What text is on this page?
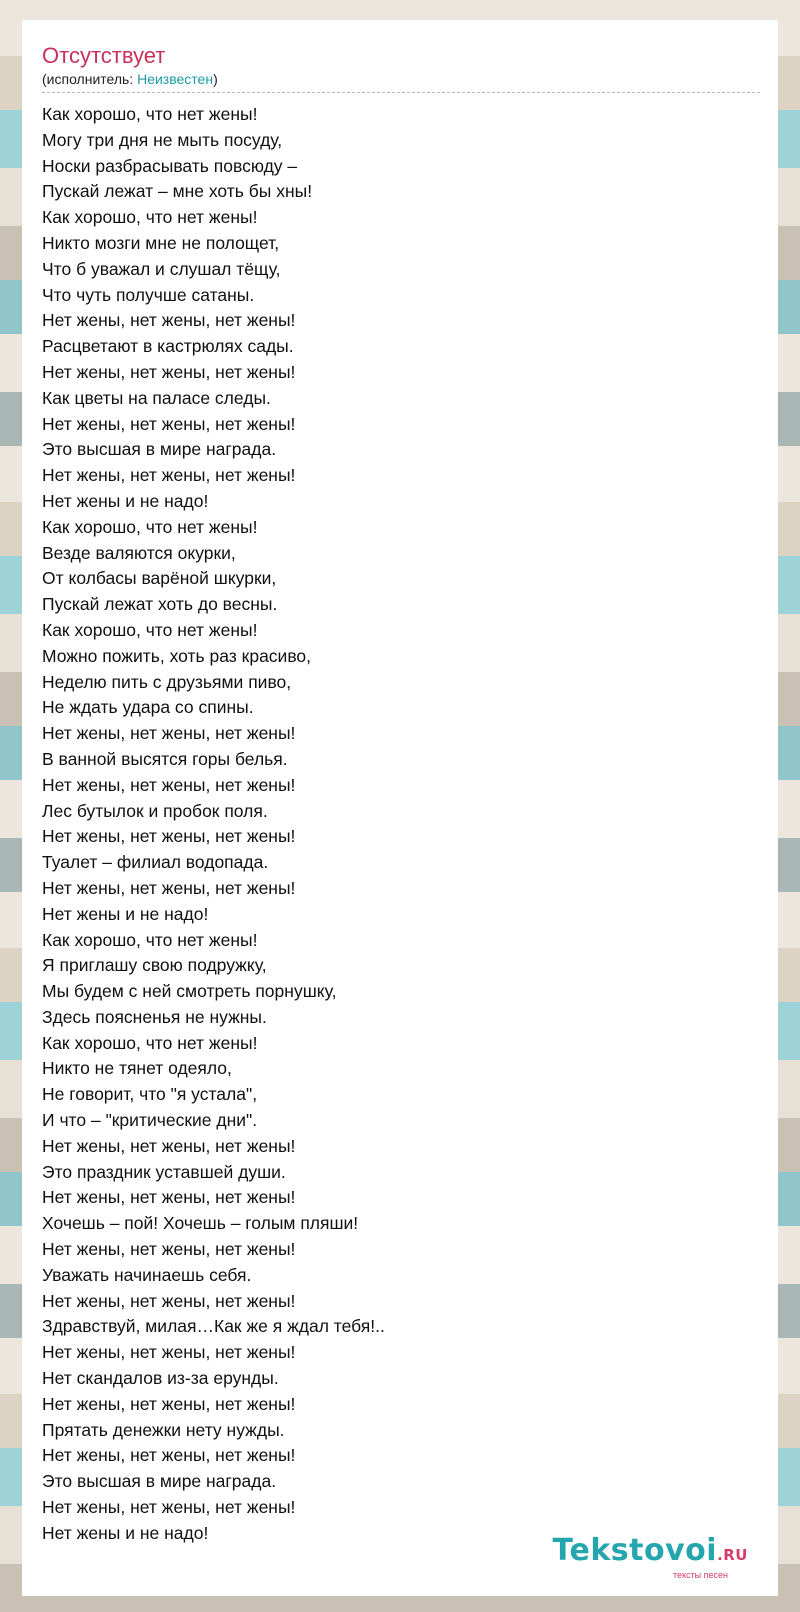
Отсутствует
(исполнитель: Неизвестен)
Как хорошо, что нет жены!
Могу три дня не мыть посуду,
Носки разбрасывать повсюду –
Пускай лежат – мне хоть бы хны!
Как хорошо, что нет жены!
Никто мозги мне не полощет,
Что б уважал и слушал тёщу,
Что чуть получше сатаны.
Нет жены, нет жены, нет жены!
Расцветают в кастрюлях сады.
Нет жены, нет жены, нет жены!
Как цветы на паласе следы.
Нет жены, нет жены, нет жены!
Это высшая в мире награда.
Нет жены, нет жены, нет жены!
Нет жены и не надо!
Как хорошо, что нет жены!
Везде валяются окурки,
От колбасы варёной шкурки,
Пускай лежат хоть до весны.
Как хорошо, что нет жены!
Можно пожить, хоть раз красиво,
Неделю пить с друзьями пиво,
Не ждать удара со спины.
Нет жены, нет жены, нет жены!
В ванной высятся горы белья.
Нет жены, нет жены, нет жены!
Лес бутылок и пробок поля.
Нет жены, нет жены, нет жены!
Туалет – филиал водопада.
Нет жены, нет жены, нет жены!
Нет жены и не надо!
Как хорошо, что нет жены!
Я приглашу свою подружку,
Мы будем с ней смотреть порнушку,
Здесь поясненья не нужны.
Как хорошо, что нет жены!
Никто не тянет одеяло,
Не говорит, что "я устала",
И что – "критические дни".
Нет жены, нет жены, нет жены!
Это праздник уставшей души.
Нет жены, нет жены, нет жены!
Хочешь – пой! Хочешь – голым пляши!
Нет жены, нет жены, нет жены!
Уважать начинаешь себя.
Нет жены, нет жены, нет жены!
Здравствуй, милая…Как же я ждал тебя!..
Нет жены, нет жены, нет жены!
Нет скандалов из-за ерунды.
Нет жены, нет жены, нет жены!
Прятать денежки нету нужды.
Нет жены, нет жены, нет жены!
Это высшая в мире награда.
Нет жены, нет жены, нет жены!
Нет жены и не надо!
Tekstovoi.RU
тексты песен
